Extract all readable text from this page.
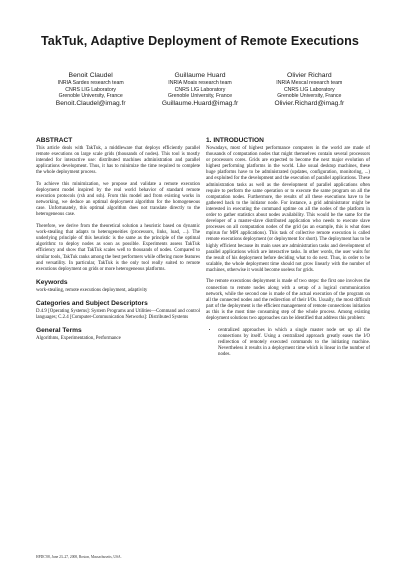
TakTuk, Adaptive Deployment of Remote Executions
Benoit Claudel
INRIA Sardes research team
CNRS LIG Laboratory
Grenoble University, France
Benoit.Claudel@imag.fr
Guillaume Huard
INRIA Moais research team
CNRS LIG Laboratory
Grenoble University, France
Guillaume.Huard@imag.fr
Olivier Richard
INRIA Mescal research team
CNRS LIG Laboratory
Grenoble University, France
Olivier.Richard@imag.fr
ABSTRACT

This article deals with TakTuk, a middleware that deploys efficiently parallel remote executions on large scale grids (thousands of nodes). This tool is mostly intended for interactive use: distributed machines administration and parallel applications development. Thus, it has to minimize the time required to complete the whole deployment process.

To achieve this minimization, we propose and validate a remote execution deployment model inspired by the real world behavior of standard remote execution protocols (rsh and ssh). From this model and from existing works in networking, we deduce an optimal deployment algorithm for the homogeneous case. Unfortunately, this optimal algorithm does not translate directly to the heterogeneous case.

Therefore, we derive from the theoretical solution a heuristic based on dynamic work-stealing that adapts to heterogeneities (processors, links, load, ...). The underlying principle of this heuristic is the same as the principle of the optimal algorithm: to deploy nodes as soon as possible. Experiments assess TakTuk efficiency and show that TakTuk scales well to thousands of nodes. Compared to similar tools, TakTuk ranks among the best performers while offering more features and versatility. In particular, TakTuk is the only tool really suited to remote executions deployment on grids or more heterogeneous platforms.

Keywords

work-stealing, remote executions deployment, adaptivity

Categories and Subject Descriptors

D.4.9 [Operating Systems]: System Programs and Utilities—Command and control languages; C.2.4 [Computer-Communication Networks]: Distributed Systems

General Terms

Algorithms, Experimentation, Performance

1. INTRODUCTION

Nowadays, most of highest performance computers in the world are made of thousands of computation nodes that might themselves contain several processors or processors cores. Grids are expected to become the next major evolution of highest performing platforms in the world. Like usual desktop machines, these huge platforms have to be administrated (updates, configuration, monitoring, ...) and exploited for the development and the execution of parallel applications. These administration tasks as well as the development of parallel applications often require to perform the same operation or to execute the same program on all the computation nodes. Furthermore, the results of all these executions have to be gathered back to the initiator node. For instance, a grid administrator might be interested in executing the command uptime on all the nodes of the platform in order to gather statistics about nodes availability. This would be the same for the developer of a master-slave distributed application who needs to execute slave processes on all computation nodes of the grid (as an example, this is what does mpirun for MPI applications). This task of collective remote execution is called remote executions deployment (or deployment for short). The deployment has to be highly efficient because its main uses are administration tasks and development of parallel applications which are interactive tasks. In other words, the user waits for the result of his deployment before deciding what to do next. Thus, in order to be scalable, the whole deployment time should not grow linearly with the number of machines, otherwise it would become useless for grids.

The remote executions deployment is made of two steps: the first one involves the connection to remote nodes along with a setup of a logical communication network, while the second one is made of the actual execution of the program on all the connected nodes and the redirection of their I/Os. Usually, the most difficult part of the deployment is the efficient management of remote connections initiation as this is the most time consuming step of the whole process. Among existing deployment solutions two approaches can be identified that address this problem:

• centralized approaches in which a single master node set up all the connections by itself. Using a centralized approach greatly eases the I/O redirection of remotely executed commands to the initiating machine. Nevertheless it results in a deployment time which is linear in the number of nodes.
HPDC'08, June 23–27, 2008, Boston, Massachusetts, USA.
